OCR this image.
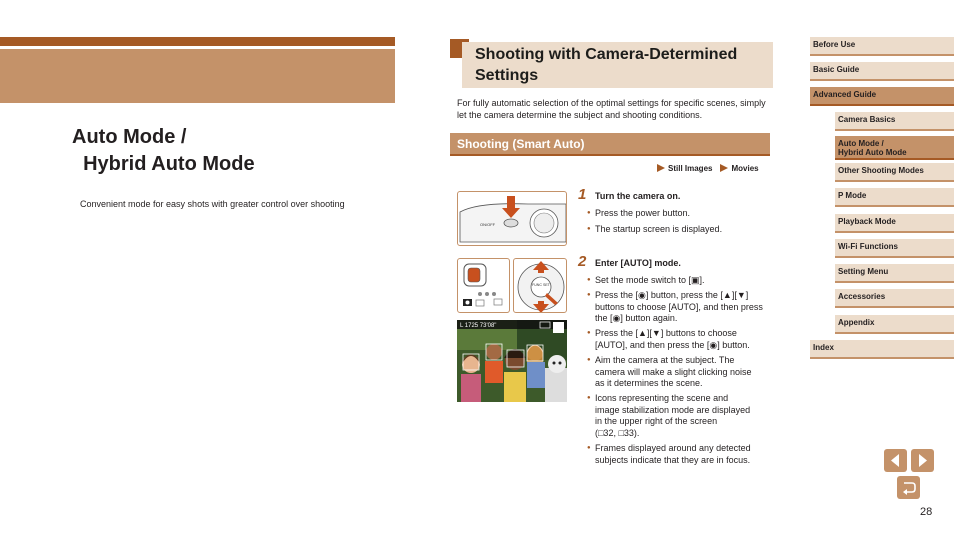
Auto Mode /
Hybrid Auto Mode
Convenient mode for easy shots with greater control over shooting
Shooting with Camera-Determined
Settings
For fully automatic selection of the optimal settings for specific scenes, simply let the camera determine the subject and shooting conditions.
Shooting (Smart Auto)
Still Images	Movies
ON/OFF
FUNC SET
L 1725 73'08"
1 Turn the camera on.
● Press the power button.
● The startup screen is displayed.
2 Enter [AUTO] mode.
● Set the mode switch to [▣].
● Press the [◉] button, press the [▲][▼]
buttons to choose [AUTO], and then press
the [◉] button again.
● Press the [▲][▼] buttons to choose
[AUTO], and then press the [◉] button.
● Aim the camera at the subject. The
camera will make a slight clicking noise
as it determines the scene.
● Icons representing the scene and
image stabilization mode are displayed
in the upper right of the screen
(□32, □33).
● Frames displayed around any detected
subjects indicate that they are in focus.
Before Use
Basic Guide
Advanced Guide
Camera Basics
Auto Mode /
Hybrid Auto Mode
Other Shooting Modes
P Mode
Playback Mode
Wi-Fi Functions
Setting Menu
Accessories
Appendix
Index
28
